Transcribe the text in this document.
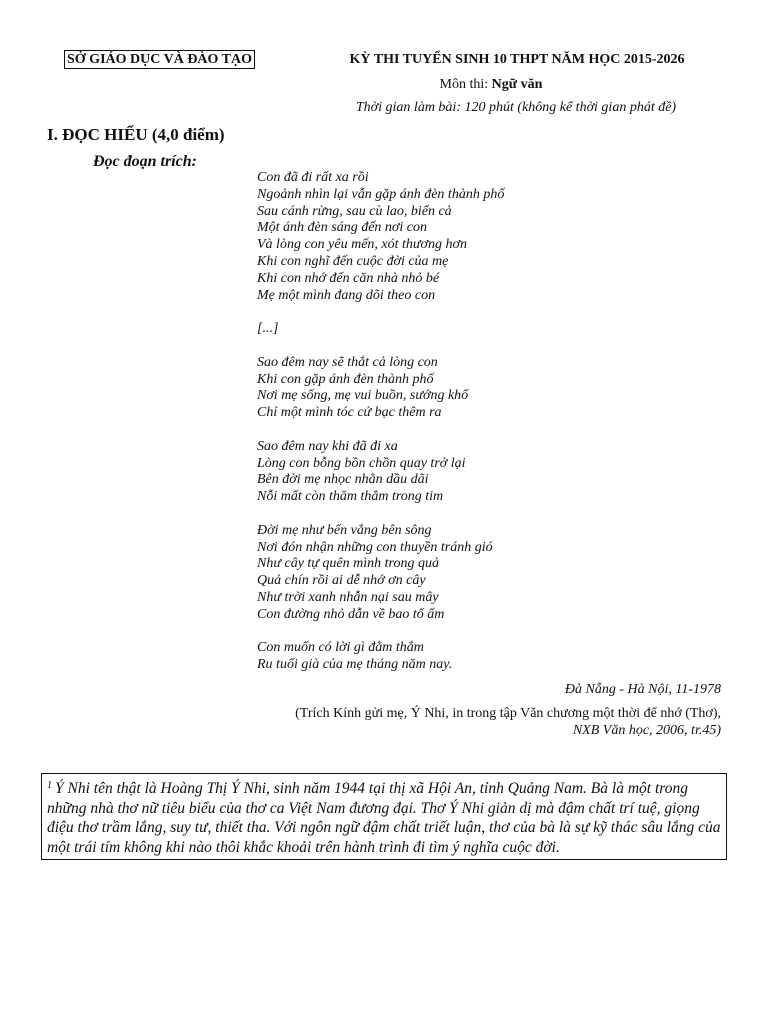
SỞ GIÁO DỤC VÀ ĐÀO TẠO	KỲ THI TUYỂN SINH 10 THPT NĂM HỌC 2015-2026
Môn thi: Ngữ văn
Thời gian làm bài: 120 phút (không kể thời gian phát đề)
I. ĐỌC HIỂU (4,0 điểm)
Đọc đoạn trích:
Con đã đi rất xa rồi
Ngoảnh nhìn lại vẫn gặp ánh đèn thành phố
Sau cánh rừng, sau cù lao, biển cả
Một ánh đèn sáng đến nơi con
Và lòng con yêu mến, xót thương hơn
Khi con nghĩ đến cuộc đời của mẹ
Khi con nhớ đến căn nhà nhỏ bé
Mẹ một mình đang dõi theo con
[...]
Sao đêm nay sẽ thắt cả lòng con
Khi con gặp ánh đèn thành phố
Nơi mẹ sống, mẹ vui buồn, sướng khổ
Chỉ một mình tóc cứ bạc thêm ra
Sao đêm nay khi đã đi xa
Lòng con bỗng bồn chồn quay trở lại
Bên đời mẹ nhọc nhằn dầu dãi
Nỗi mất còn thăm thẳm trong tim
Đời mẹ như bến vắng bên sông
Nơi đón nhận những con thuyền tránh gió
Như cây tự quên mình trong quả
Quả chín rồi ai dễ nhớ ơn cây
Như trời xanh nhẫn nại sau mây
Con đường nhỏ dẫn về bao tổ ấm
Con muốn có lời gì đằm thắm
Ru tuổi già của mẹ tháng năm nay.
Đà Nẵng - Hà Nội, 11-1978
(Trích Kính gửi mẹ, Ý Nhi, in trong tập Văn chương một thời để nhớ (Thơ),
NXB Văn học, 2006, tr.45)
$^1$ Ý Nhi tên thật là Hoàng Thị Ý Nhi, sinh năm 1944 tại thị xã Hội An, tỉnh Quảng Nam. Bà là một trong những nhà thơ nữ tiêu biểu của thơ ca Việt Nam đương đại. Thơ Ý Nhi giản dị mà đậm chất trí tuệ, giọng điệu thơ trầm lắng, suy tư, thiết tha. Với ngôn ngữ đậm chất triết luận, thơ của bà là sự kỹ thác sâu lắng của một trái tím không khi nào thôi khắc khoải trên hành trình đi tìm ý nghĩa cuộc đời.
